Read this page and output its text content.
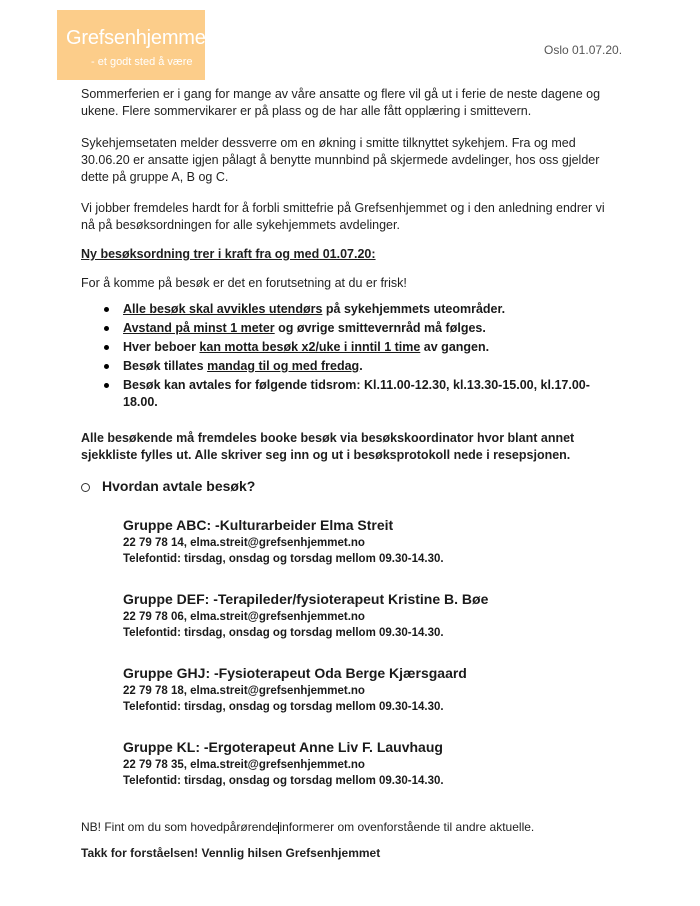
Grefsenhjemmet
- et godt sted å være
Oslo 01.07.20.
Sommerferien er i gang for mange av våre ansatte og flere vil gå ut i ferie de neste dagene og ukene. Flere sommervikarer er på plass og de har alle fått opplæring i smittevern.
Sykehjemsetaten melder dessverre om en økning i smitte tilknyttet sykehjem. Fra og med 30.06.20 er ansatte igjen pålagt å benytte munnbind på skjermede avdelinger, hos oss gjelder dette på gruppe A, B og C.
Vi jobber fremdeles hardt for å forbli smittefrie på Grefsenhjemmet og i den anledning endrer vi nå på besøksordningen for alle sykehjemmets avdelinger.
Ny besøksordning trer i kraft fra og med 01.07.20:
For å komme på besøk er det en forutsetning at du er frisk!
Alle besøk skal avvikles utendørs på sykehjemmets uteområder.
Avstand på minst 1 meter og øvrige smittevernråd må følges.
Hver beboer kan motta besøk x2/uke i inntil 1 time av gangen.
Besøk tillates mandag til og med fredag.
Besøk kan avtales for følgende tidsrom: Kl.11.00-12.30, kl.13.30-15.00, kl.17.00-18.00.
Alle besøkende må fremdeles booke besøk via besøkskoordinator hvor blant annet sjekkliste fylles ut. Alle skriver seg inn og ut i besøksprotokoll nede i resepsjonen.
Hvordan avtale besøk?
Gruppe ABC: -Kulturarbeider Elma Streit
22 79 78 14, elma.streit@grefsenhjemmet.no
Telefontid: tirsdag, onsdag og torsdag mellom 09.30-14.30.
Gruppe DEF: -Terapileder/fysioterapeut Kristine B. Bøe
22 79 78 06, elma.streit@grefsenhjemmet.no
Telefontid: tirsdag, onsdag og torsdag mellom 09.30-14.30.
Gruppe GHJ: -Fysioterapeut Oda Berge Kjærsgaard
22 79 78 18, elma.streit@grefsenhjemmet.no
Telefontid: tirsdag, onsdag og torsdag mellom 09.30-14.30.
Gruppe KL: -Ergoterapeut Anne Liv F. Lauvhaug
22 79 78 35, elma.streit@grefsenhjemmet.no
Telefontid: tirsdag, onsdag og torsdag mellom 09.30-14.30.
NB! Fint om du som hovedpårørendeinformerer om ovenforstående til andre aktuelle.
Takk for forståelsen! Vennlig hilsen Grefsenhjemmet
